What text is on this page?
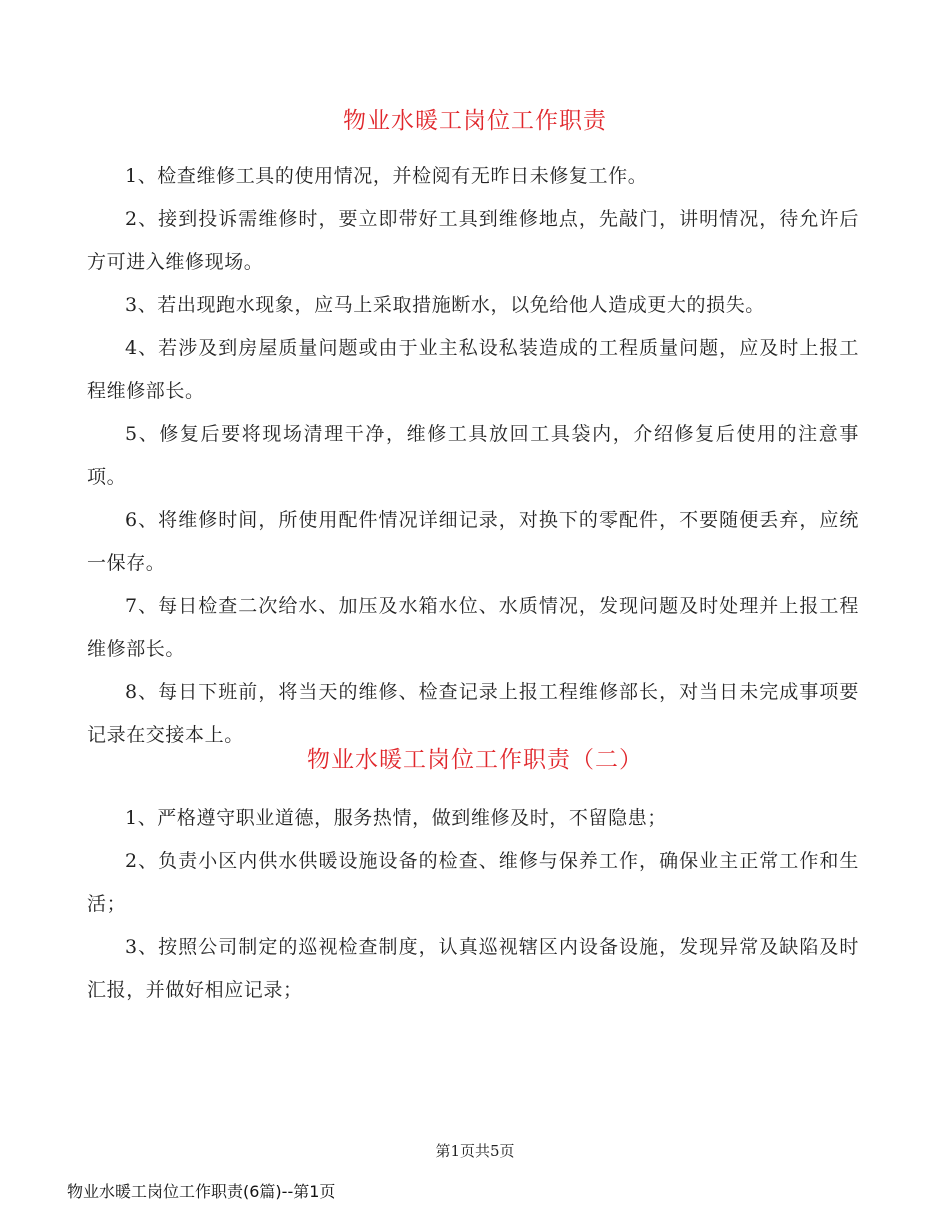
物业水暖工岗位工作职责

1、检查维修工具的使用情况，并检阅有无昨日未修复工作。

2、接到投诉需维修时，要立即带好工具到维修地点，先敲门，讲明情况，待允许后方可进入维修现场。

3、若出现跑水现象，应马上采取措施断水，以免给他人造成更大的损失。

4、若涉及到房屋质量问题或由于业主私设私装造成的工程质量问题，应及时上报工程维修部长。

5、修复后要将现场清理干净，维修工具放回工具袋内，介绍修复后使用的注意事项。

6、将维修时间，所使用配件情况详细记录，对换下的零配件，不要随便丢弃，应统一保存。

7、每日检查二次给水、加压及水箱水位、水质情况，发现问题及时处理并上报工程维修部长。

8、每日下班前，将当天的维修、检查记录上报工程维修部长，对当日未完成事项要记录在交接本上。

物业水暖工岗位工作职责（二）

1、严格遵守职业道德，服务热情，做到维修及时，不留隐患；

2、负责小区内供水供暖设施设备的检查、维修与保养工作，确保业主正常工作和生活；

3、按照公司制定的巡视检查制度，认真巡视辖区内设备设施，发现异常及缺陷及时汇报，并做好相应记录；

第1页共5页
物业水暖工岗位工作职责(6篇)--第1页
